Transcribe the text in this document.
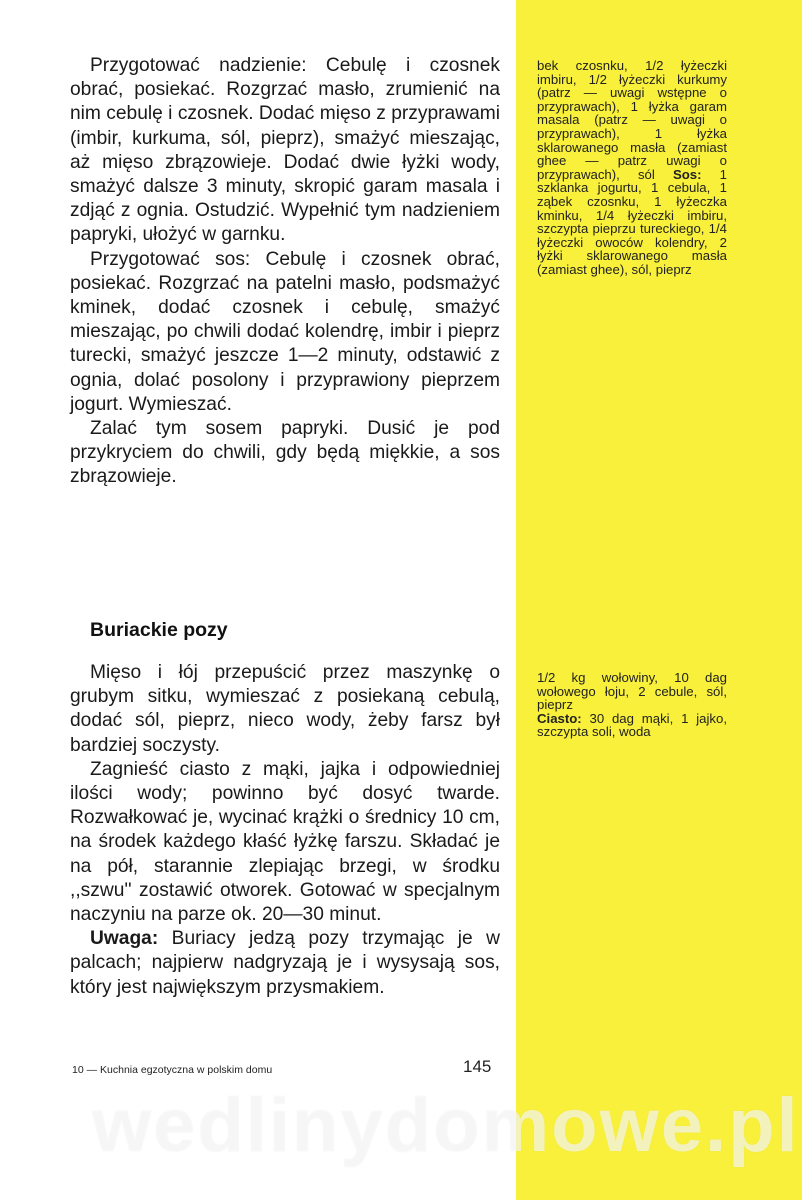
Przygotować nadzienie: Cebulę i czosnek obrać, posiekać. Rozgrzać masło, zrumienić na nim cebulę i czosnek. Dodać mięso z przyprawami (imbir, kurkuma, sól, pieprz), smażyć mieszając, aż mięso zbrązowieje. Dodać dwie łyżki wody, smażyć dalsze 3 minuty, skropić garam masala i zdjąć z ognia. Ostudzić. Wypełnić tym nadzieniem papryki, ułożyć w garnku.

Przygotować sos: Cebulę i czosnek obrać, posiekać. Rozgrzać na patelni masło, podsmażyć kminek, dodać czosnek i cebulę, smażyć mieszając, po chwili dodać kolendrę, imbir i pieprz turecki, smażyć jeszcze 1—2 minuty, odstawić z ognia, dolać posolony i przyprawiony pieprzem jogurt. Wymieszać.

Zalać tym sosem papryki. Dusić je pod przykryciem do chwili, gdy będą miękkie, a sos zbrązowieje.

bek czosnku, 1/2 łyżeczki imbiru, 1/2 łyżeczki kurkumy (patrz — uwagi wstępne o przyprawach), 1 łyżka garam masala (patrz — uwagi o przyprawach), 1 łyżka sklarowanego masła (zamiast ghee — patrz uwagi o przyprawach), sól Sos: 1 szklanka jogurtu, 1 cebula, 1 ząbek czosnku, 1 łyżeczka kminku, 1/4 łyżeczki imbiru, szczypta pieprzu tureckiego, 1/4 łyżeczki owoców kolendry, 2 łyżki sklarowanego masła (zamiast ghee), sól, pieprz
Buriackie pozy

Mięso i łój przepuścić przez maszynkę o grubym sitku, wymieszać z posiekaną cebulą, dodać sól, pieprz, nieco wody, żeby farsz był bardziej soczysty.

Zagnieść ciasto z mąki, jajka i odpowiedniej ilości wody; powinno być dosyć twarde. Rozwałkować je, wycinać krążki o średnicy 10 cm, na środek każdego kłaść łyżkę farszu. Składać je na pół, starannie zlepiając brzegi, w środku ,,szwu'' zostawić otworek. Gotować w specjalnym naczyniu na parze ok. 20—30 minut.

Uwaga: Buriacy jedzą pozy trzymając je w palcach; najpierw nadgryzają je i wysysają sos, który jest największym przysmakiem.

1/2 kg wołowiny, 10 dag wołowego łoju, 2 cebule, sól, pieprz
Ciasto: 30 dag mąki, 1 jajko, szczypta soli, woda
10 — Kuchnia egzotyczna w polskim domu	145
wedlinydomowe.pl
